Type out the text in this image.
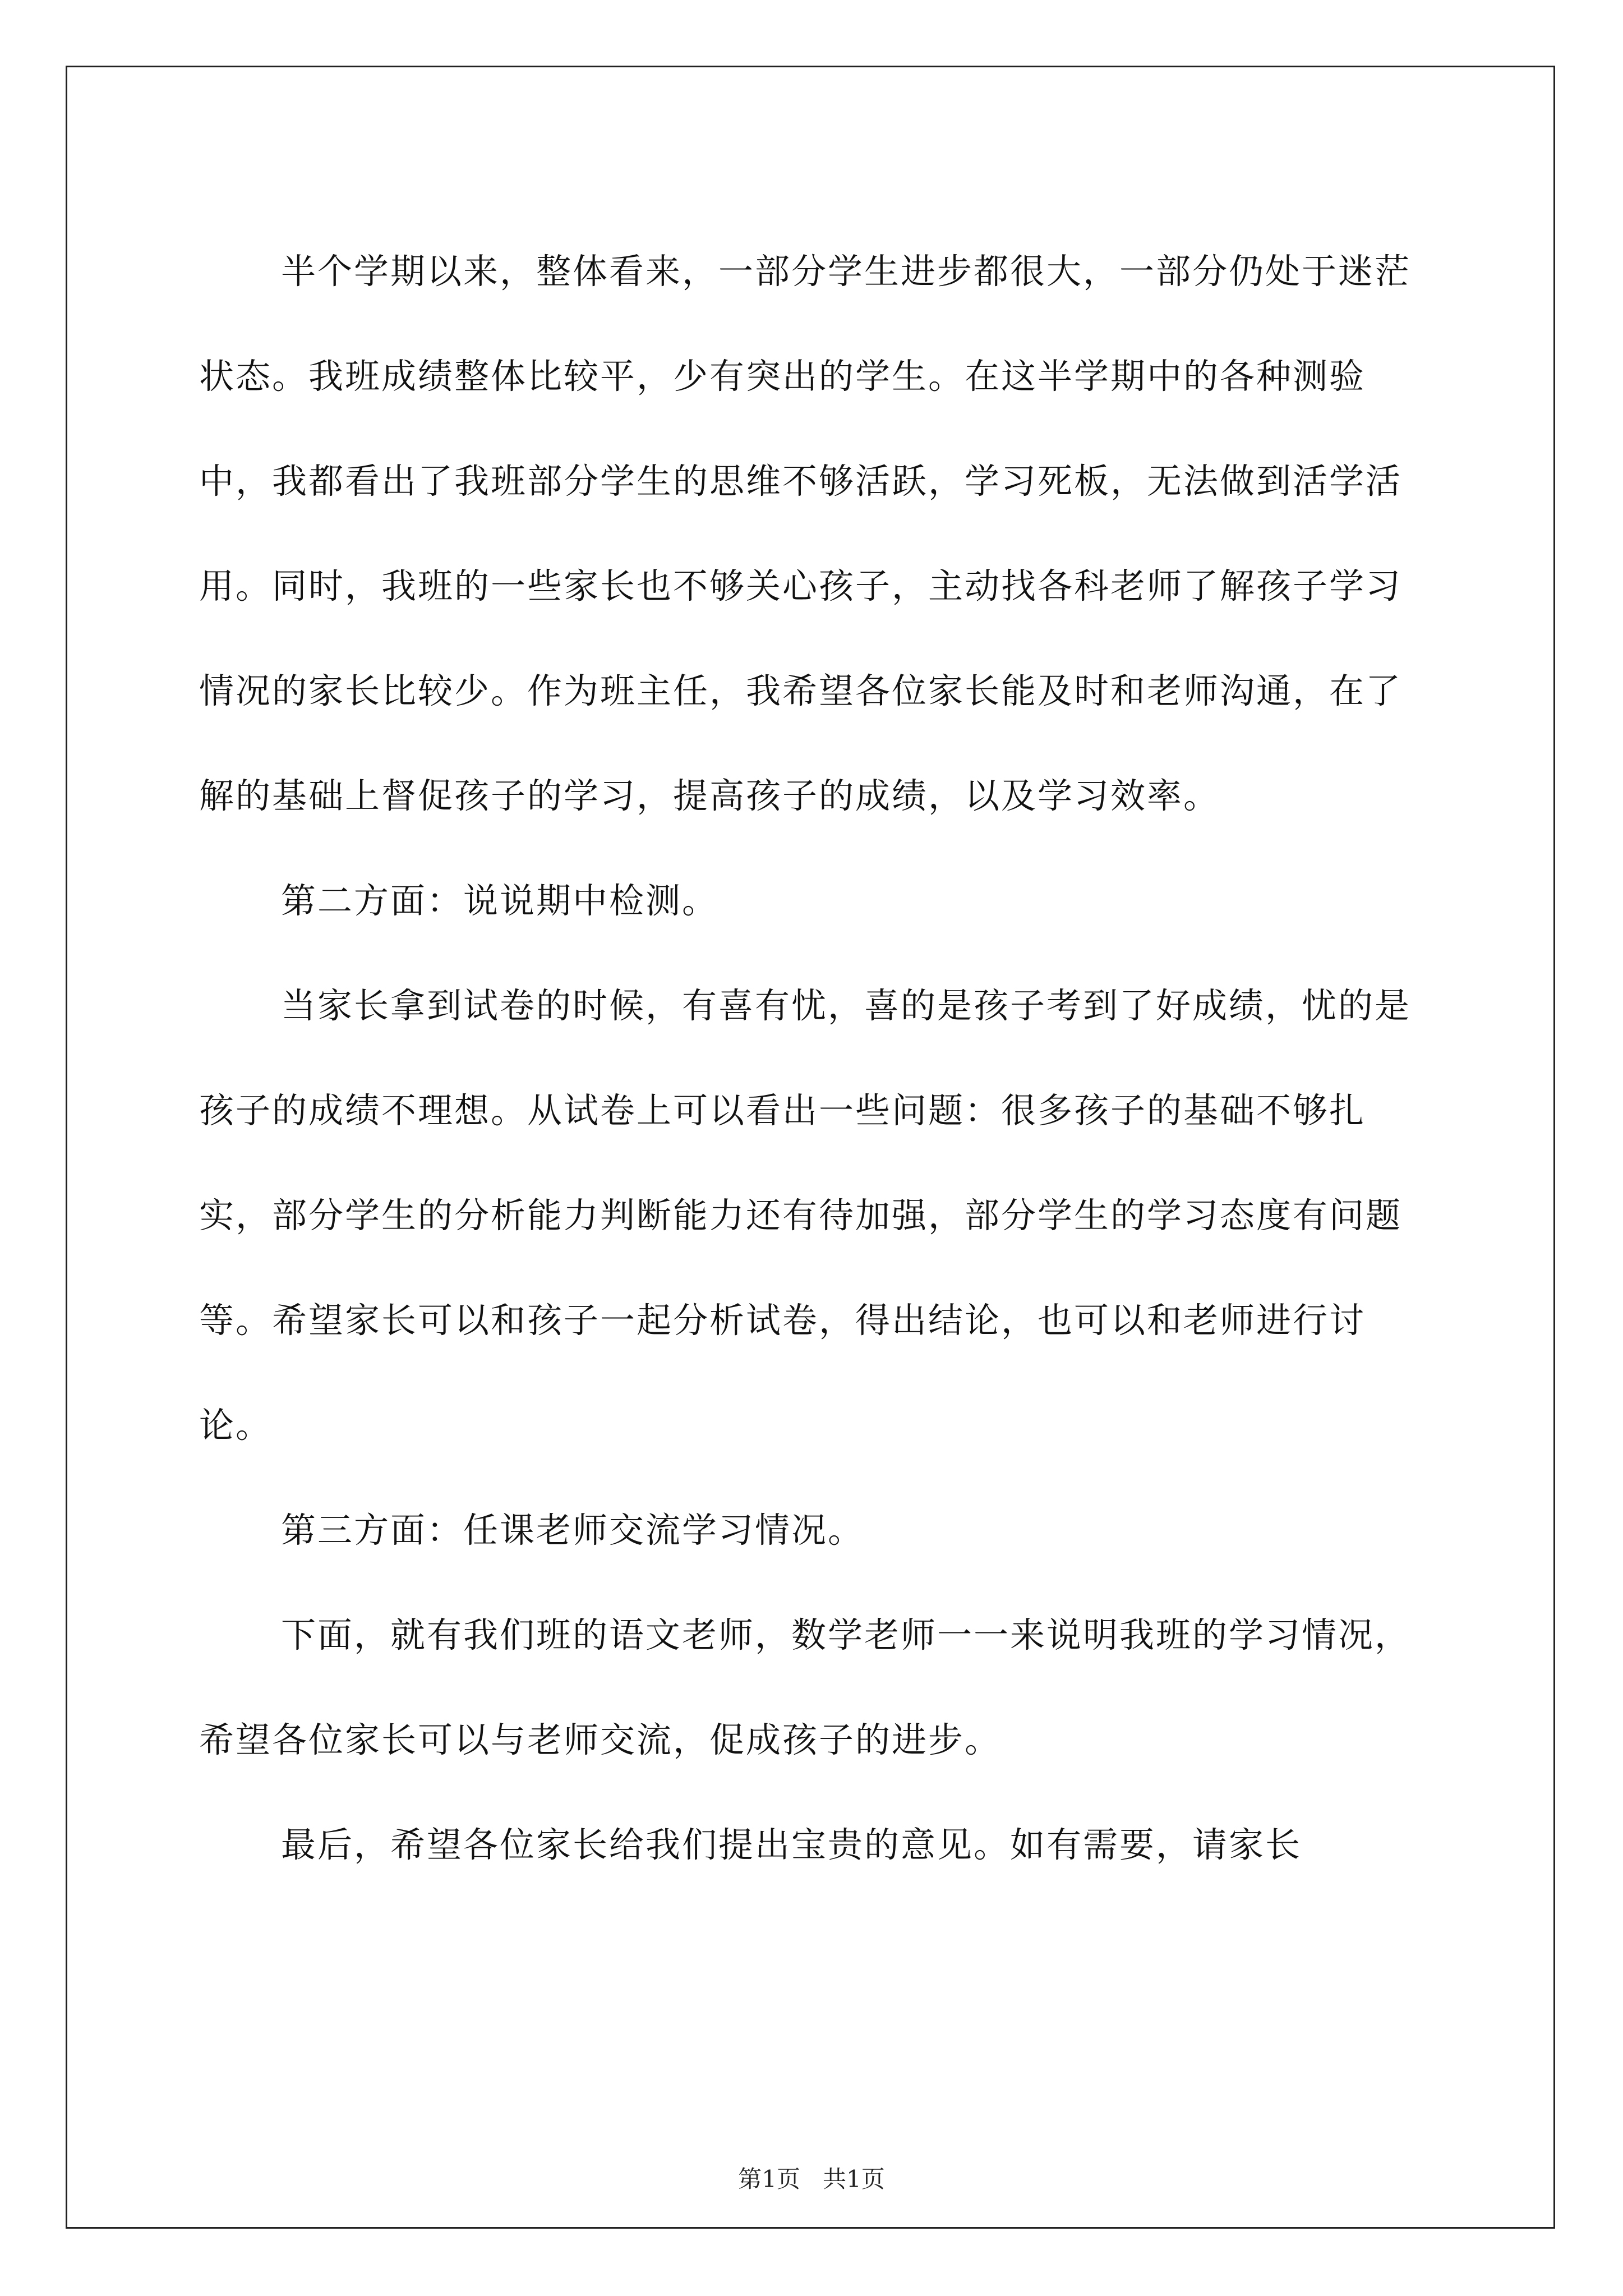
半个学期以来，整体看来，一部分学生进步都很大，一部分仍处于迷茫状态。我班成绩整体比较平，少有突出的学生。在这半学期中的各种测验中，我都看出了我班部分学生的思维不够活跃，学习死板，无法做到活学活用。同时，我班的一些家长也不够关心孩子，主动找各科老师了解孩子学习情况的家长比较少。作为班主任，我希望各位家长能及时和老师沟通，在了解的基础上督促孩子的学习，提高孩子的成绩，以及学习效率。

第二方面：说说期中检测。

当家长拿到试卷的时候，有喜有忧，喜的是孩子考到了好成绩，忧的是孩子的成绩不理想。从试卷上可以看出一些问题：很多孩子的基础不够扎实，部分学生的分析能力判断能力还有待加强，部分学生的学习态度有问题等。希望家长可以和孩子一起分析试卷，得出结论，也可以和老师进行讨论。

第三方面：任课老师交流学习情况。

下面，就有我们班的语文老师，数学老师一一来说明我班的学习情况，希望各位家长可以与老师交流，促成孩子的进步。

最后，希望各位家长给我们提出宝贵的意见。如有需要，请家长

第1页 共1页
